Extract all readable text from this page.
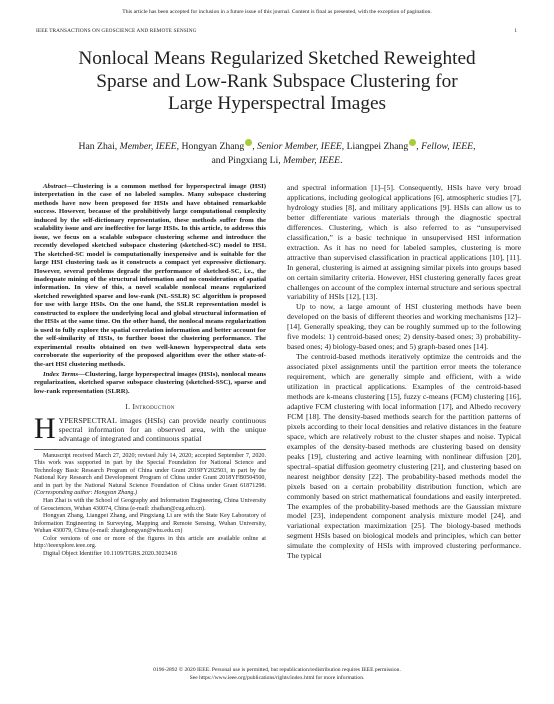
This article has been accepted for inclusion in a future issue of this journal. Content is final as presented, with the exception of pagination.
IEEE TRANSACTIONS ON GEOSCIENCE AND REMOTE SENSING	1
Nonlocal Means Regularized Sketched Reweighted
Sparse and Low-Rank Subspace Clustering for
Large Hyperspectral Images
Han Zhai, Member, IEEE, Hongyan Zhang , Senior Member, IEEE, Liangpei Zhang , Fellow, IEEE,
and Pingxiang Li, Member, IEEE.

Abstract—Clustering is a common method for hyperspectral image (HSI) interpretation in the case of no labeled samples. Many subspace clustering methods have now been proposed for HSIs and have obtained remarkable success. However, because of the prohibitively large computational complexity induced by the self-dictionary representation, these methods suffer from the scalability issue and are ineffective for large HSIs. In this article, to address this issue, we focus on a scalable subspace clustering scheme and introduce the recently developed sketched subspace clustering (sketched-SC) model to HSI. The sketched-SC model is computationally inexpensive and is suitable for the large HSI clustering task as it constructs a compact yet expressive dictionary. However, several problems degrade the performance of sketched-SC, i.e., the inadequate mining of the structural information and no consideration of spatial information. In view of this, a novel scalable nonlocal means regularized sketched reweighted sparse and low-rank (NL-SSLR) SC algorithm is proposed for use with large HSIs. On the one hand, the SSLR representation model is constructed to explore the underlying local and global structural information of the HSIs at the same time. On the other hand, the nonlocal means regularization is used to fully explore the spatial correlation information and better account for the self-similarity of HSIs, to further boost the clustering performance. The experimental results obtained on two well-known hyperspectral data sets corroborate the superiority of the proposed algorithm over the other state-of-the-art HSI clustering methods.

Index Terms—Clustering, large hyperspectral images (HSIs), nonlocal means regularization, sketched sparse subspace clustering (sketched-SSC), sparse and low-rank representation (SLRR).

I. Introduction

HYPERSPECTRAL images (HSIs) can provide nearly continuous spectral information for an observed area, with the unique advantage of integrated and continuous spatial

Manuscript received March 27, 2020; revised July 14, 2020; accepted September 7, 2020. This work was supported in part by the Special Foundation for National Science and Technology Basic Research Program of China under Grant 2019FY202503, in part by the National Key Research and Development Program of China under Grant 2018YFB0504500, and in part by the National Natural Science Foundation of China under Grant 61871298. (Corresponding author: Hongyan Zhang.)

Han Zhai is with the School of Geography and Information Engineering, China University of Geosciences, Wuhan 430074, China (e-mail: zhaihan@cug.edu.cn).

Hongyan Zhang, Liangpei Zhang, and Pingxiang Li are with the State Key Laboratory of Information Engineering in Surveying, Mapping and Remote Sensing, Wuhan University, Wuhan 430079, China (e-mail: zhanghongyan@whu.edu.cn)

Color versions of one or more of the figures in this article are available online at http://ieeexplore.ieee.org.

Digital Object Identifier 10.1109/TGRS.2020.3023418

and spectral information [1]–[5]. Consequently, HSIs have very broad applications, including geological applications [6], atmospheric studies [7], hydrology studies [8], and military applications [9]. HSIs can allow us to better differentiate various materials through the diagnostic spectral differences. Clustering, which is also referred to as “unsupervised classification,” is a basic technique in unsupervised HSI information extraction. As it has no need for labeled samples, clustering is more attractive than supervised classification in practical applications [10], [11]. In general, clustering is aimed at assigning similar pixels into groups based on certain similarity criteria. However, HSI clustering generally faces great challenges on account of the complex internal structure and serious spectral variability of HSIs [12], [13].

Up to now, a large amount of HSI clustering methods have been developed on the basis of different theories and working mechanisms [12]–[14]. Generally speaking, they can be roughly summed up to the following five models: 1) centroid-based ones; 2) density-based ones; 3) probability-based ones; 4) biology-based ones; and 5) graph-based ones [14].

The centroid-based methods iteratively optimize the centroids and the associated pixel assignments until the partition error meets the tolerance requirement, which are generally simple and efficient, with a wide utilization in practical applications. Examples of the centroid-based methods are k-means clustering [15], fuzzy c-means (FCM) clustering [16], adaptive FCM clustering with local information [17], and Albedo recovery FCM [18]. The density-based methods search for the partition patterns of pixels according to their local densities and relative distances in the feature space, which are relatively robust to the cluster shapes and noise. Typical examples of the density-based methods are clustering based on density peaks [19], clustering and active learning with nonlinear diffusion [20], spectral–spatial diffusion geometry clustering [21], and clustering based on nearest neighbor density [22]. The probability-based methods model the pixels based on a certain probability distribution function, which are commonly based on strict mathematical foundations and easily interpreted. The examples of the probability-based methods are the Gaussian mixture model [23], independent component analysis mixture model [24], and variational expectation maximization [25]. The biology-based methods segment HSIs based on biological models and principles, which can better simulate the complexity of HSIs with improved clustering performance. The typical

0196-2892 © 2020 IEEE. Personal use is permitted, but republication/redistribution requires IEEE permission.
See https://www.ieee.org/publications/rights/index.html for more information.
